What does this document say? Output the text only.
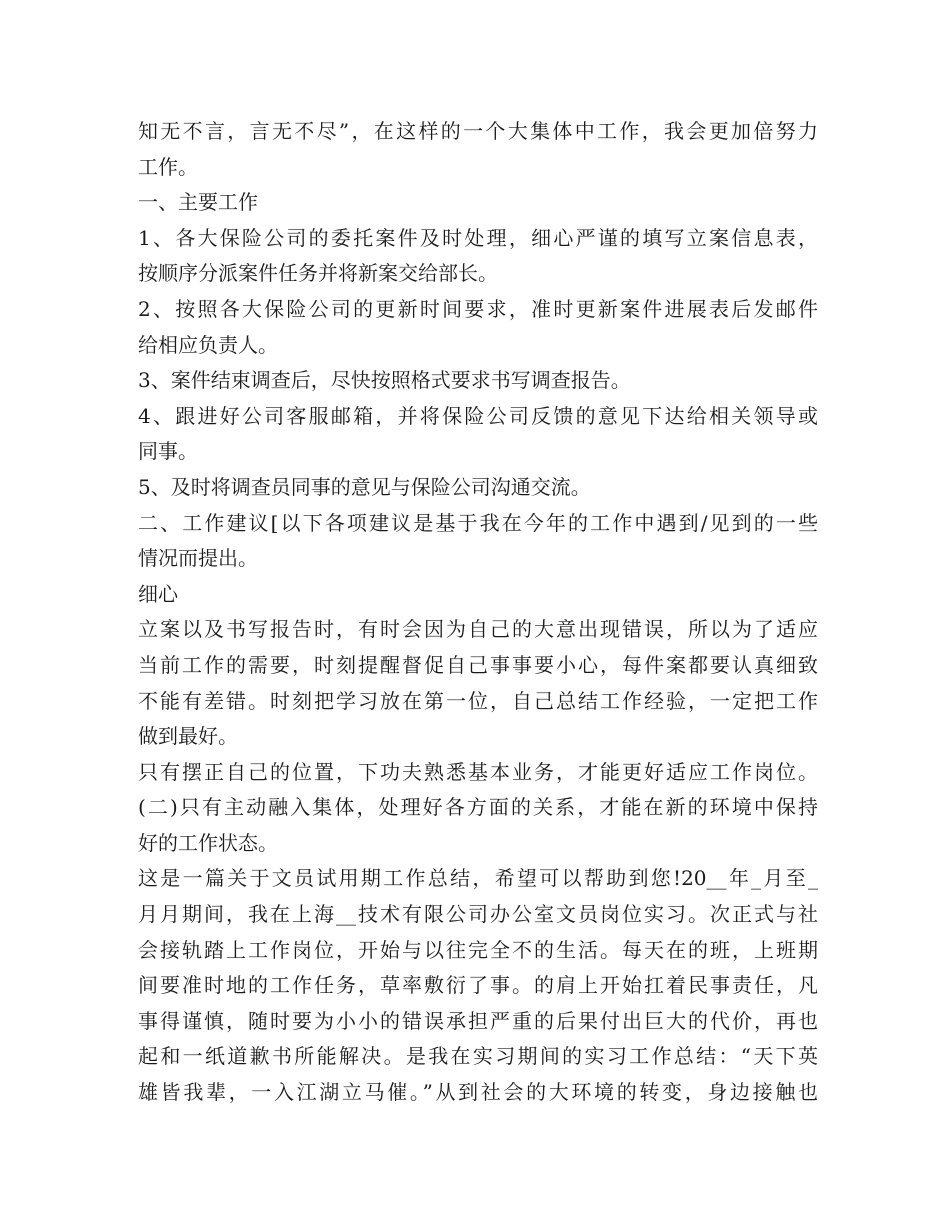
知无不言，言无不尽”，在这样的一个大集体中工作，我会更加倍努力
工作。
一、主要工作
1、各大保险公司的委托案件及时处理，细心严谨的填写立案信息表，
按顺序分派案件任务并将新案交给部长。
2、按照各大保险公司的更新时间要求，准时更新案件进展表后发邮件
给相应负责人。
3、案件结束调查后，尽快按照格式要求书写调查报告。
4、跟进好公司客服邮箱，并将保险公司反馈的意见下达给相关领导或
同事。
5、及时将调查员同事的意见与保险公司沟通交流。
二、工作建议[以下各项建议是基于我在今年的工作中遇到/见到的一些
情况而提出。
细心
立案以及书写报告时，有时会因为自己的大意出现错误，所以为了适应
当前工作的需要，时刻提醒督促自己事事要小心，每件案都要认真细致
不能有差错。时刻把学习放在第一位，自己总结工作经验，一定把工作
做到最好。
只有摆正自己的位置，下功夫熟悉基本业务，才能更好适应工作岗位。
(二)只有主动融入集体，处理好各方面的关系，才能在新的环境中保持
好的工作状态。
这是一篇关于文员试用期工作总结，希望可以帮助到您!20__年_月至_
月月期间，我在上海__技术有限公司办公室文员岗位实习。次正式与社
会接轨踏上工作岗位，开始与以往完全不的生活。每天在的班，上班期
间要准时地的工作任务，草率敷衍了事。的肩上开始扛着民事责任，凡
事得谨慎，随时要为小小的错误承担严重的后果付出巨大的代价，再也
起和一纸道歉书所能解决。是我在实习期间的实习工作总结：“天下英
雄皆我辈，一入江湖立马催。”从到社会的大环境的转变，身边接触也
